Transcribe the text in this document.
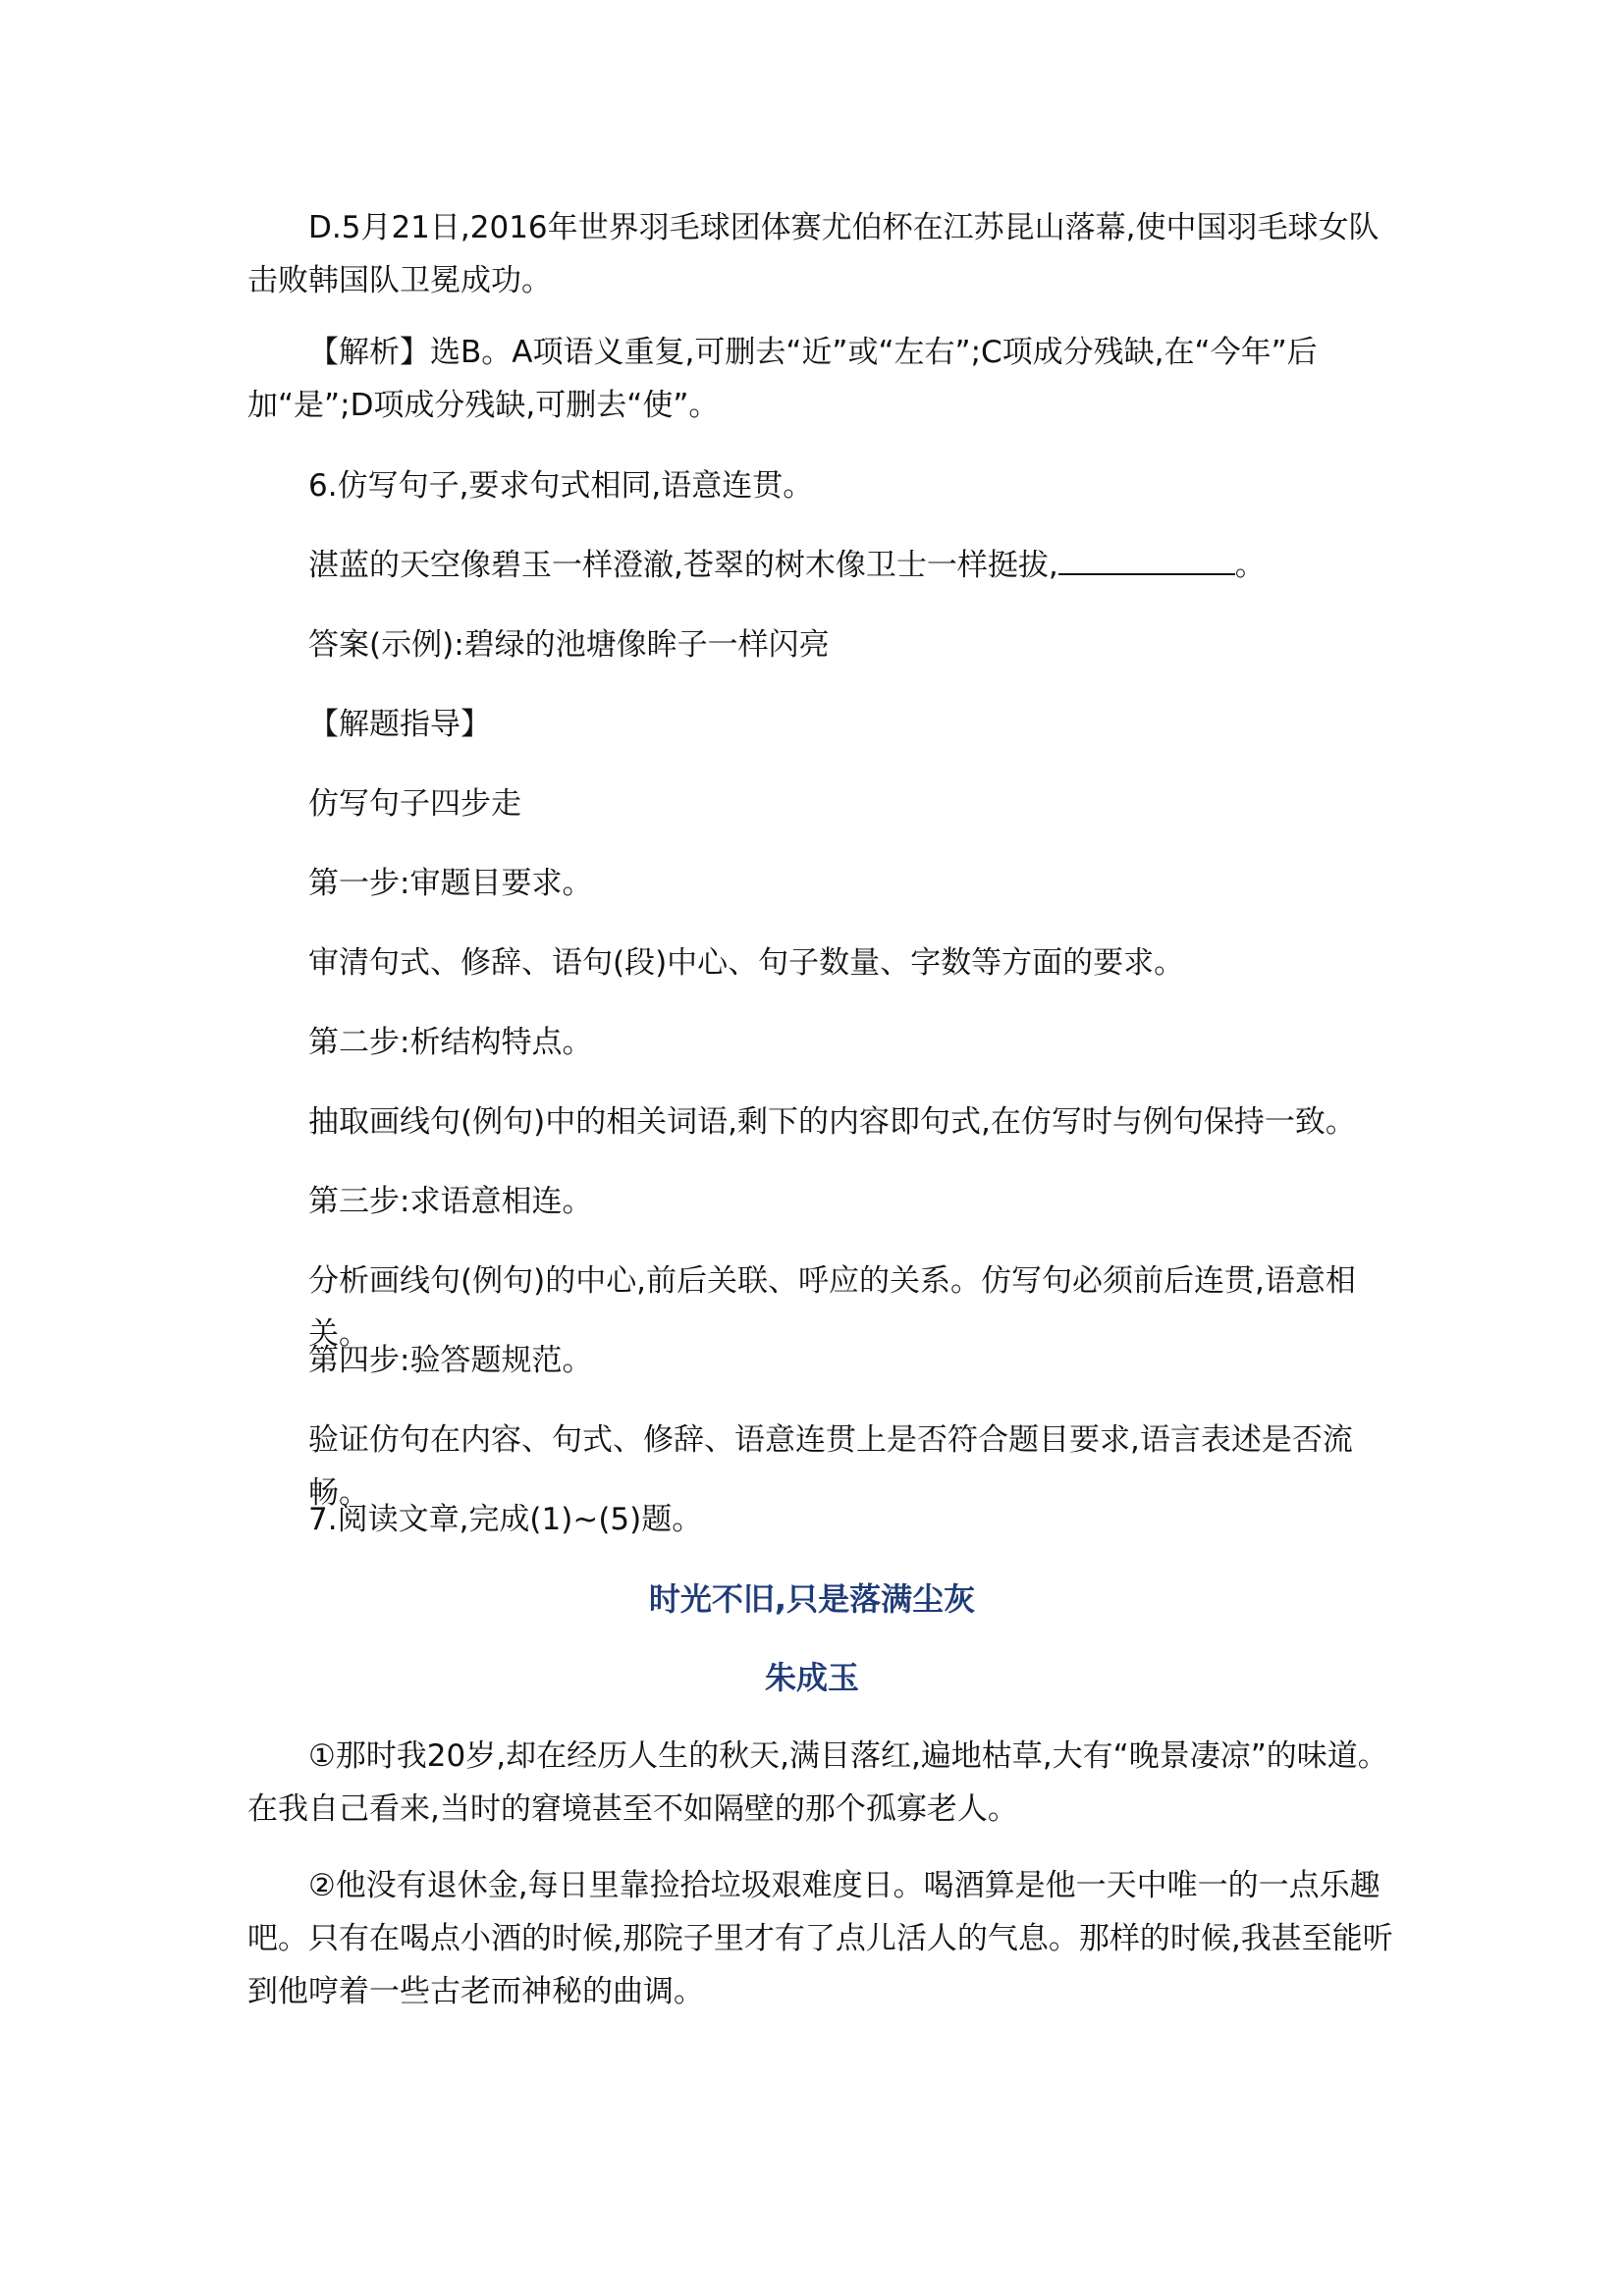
D.5月21日,2016年世界羽毛球团体赛尤伯杯在江苏昆山落幕,使中国羽毛球女队击败韩国队卫冕成功。

【解析】选B。A项语义重复,可删去“近”或“左右”;C项成分残缺,在“今年”后加“是”;D项成分残缺,可删去“使”。

6.仿写句子,要求句式相同,语意连贯。

湛蓝的天空像碧玉一样澄澈,苍翠的树木像卫士一样挺拔,	。

答案(示例):碧绿的池塘像眸子一样闪亮

【解题指导】

仿写句子四步走

第一步:审题目要求。

审清句式、修辞、语句(段)中心、句子数量、字数等方面的要求。

第二步:析结构特点。

抽取画线句(例句)中的相关词语,剩下的内容即句式,在仿写时与例句保持一致。

第三步:求语意相连。

分析画线句(例句)的中心,前后关联、呼应的关系。仿写句必须前后连贯,语意相关。

第四步:验答题规范。

验证仿句在内容、句式、修辞、语意连贯上是否符合题目要求,语言表述是否流畅。

7.阅读文章,完成(1)~(5)题。

时光不旧,只是落满尘灰

朱成玉

①那时我20岁,却在经历人生的秋天,满目落红,遍地枯草,大有“晚景凄凉”的味道。在我自己看来,当时的窘境甚至不如隔壁的那个孤寡老人。

②他没有退休金,每日里靠捡拾垃圾艰难度日。喝酒算是他一天中唯一的一点乐趣吧。只有在喝点小酒的时候,那院子里才有了点儿活人的气息。那样的时候,我甚至能听到他哼着一些古老而神秘的曲调。
